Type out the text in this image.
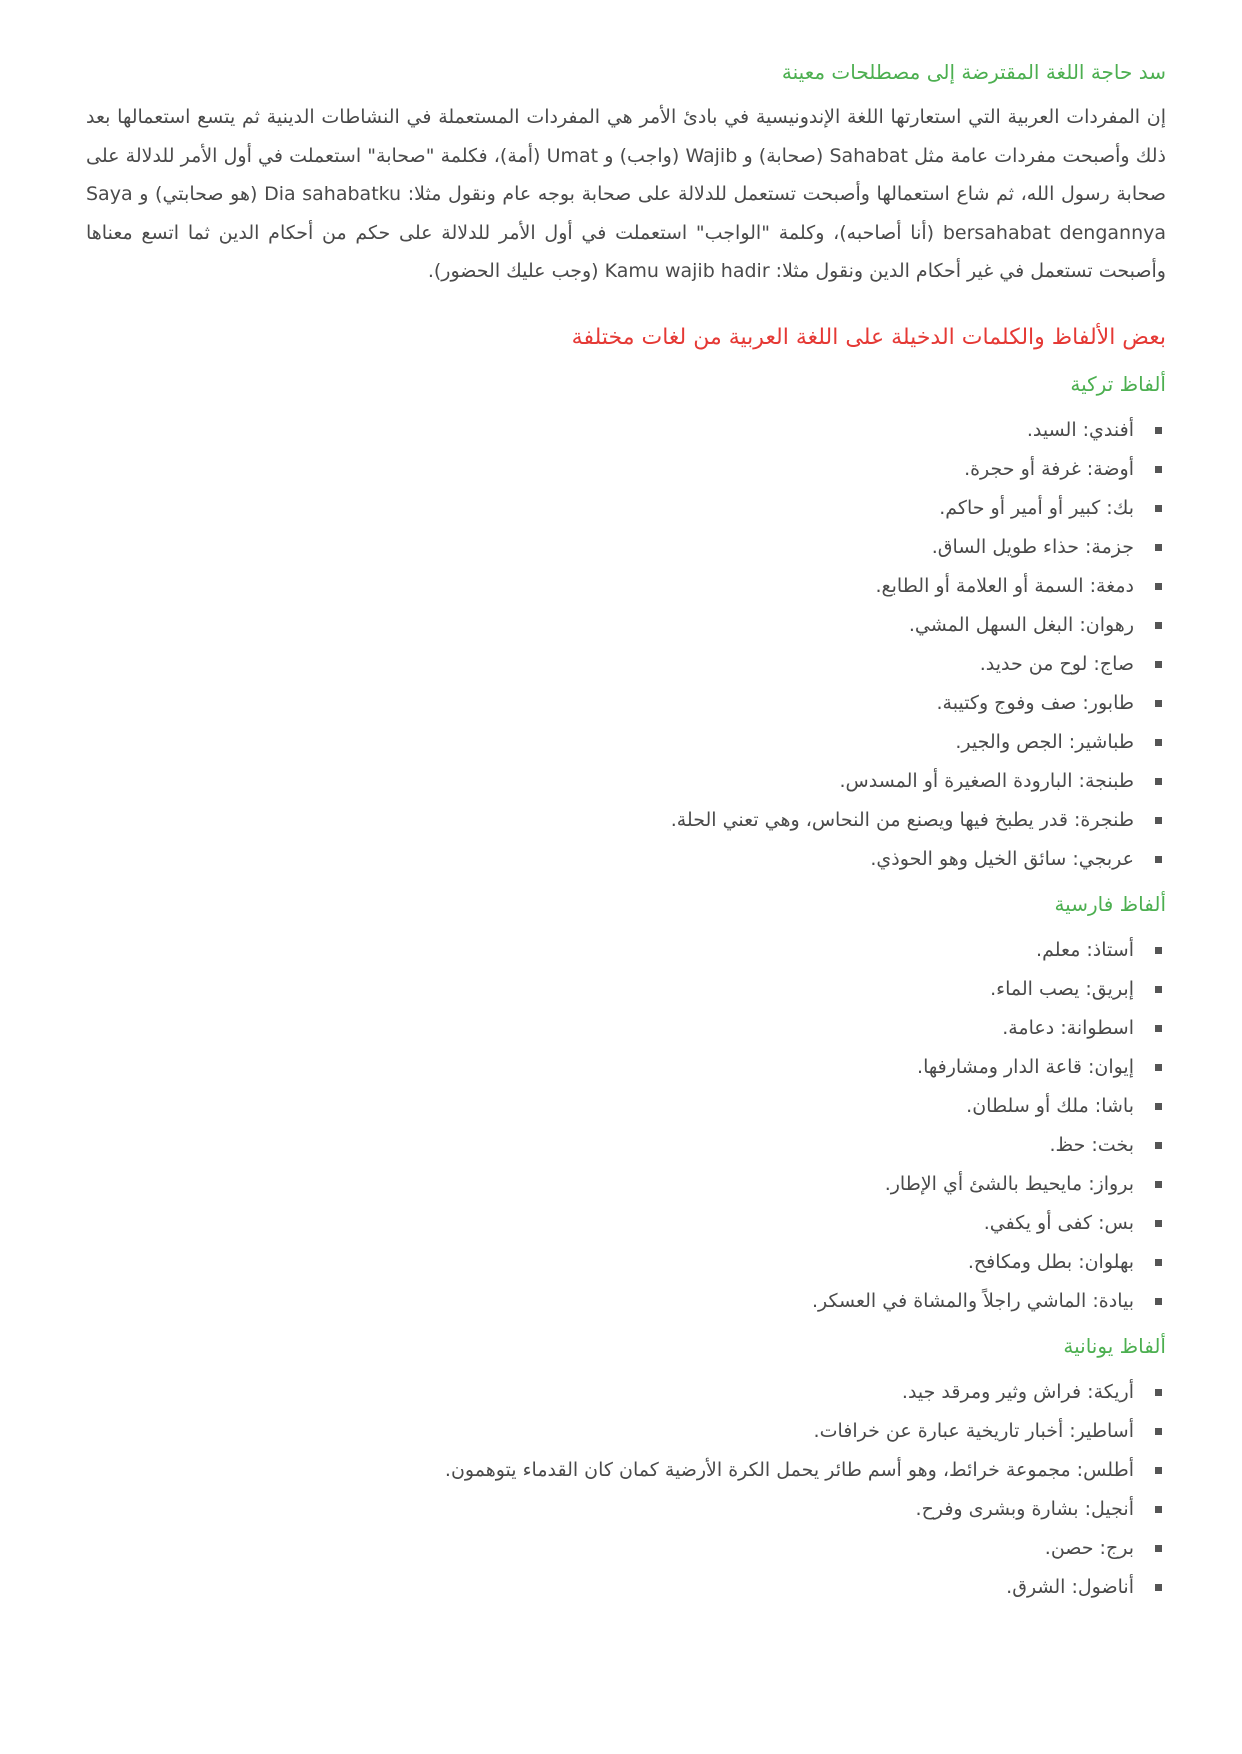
سد حاجة اللغة المقترضة إلى مصطلحات معينة

إن المفردات العربية التي استعارتها اللغة الإندونيسية في بادئ الأمر هي المفردات المستعملة في النشاطات الدينية ثم يتسع استعمالها بعد ذلك وأصبحت مفردات عامة مثل Sahabat (صحابة) و Wajib (واجب) و Umat (أمة)، فكلمة "صحابة" استعملت في أول الأمر للدلالة على صحابة رسول الله، ثم شاع استعمالها وأصبحت تستعمل للدلالة على صحابة بوجه عام ونقول مثلا: Dia sahabatku (هو صحابتي) و Saya bersahabat dengannya (أنا أصاحبه)، وكلمة "الواجب" استعملت في أول الأمر للدلالة على حكم من أحكام الدين ثما اتسع معناها وأصبحت تستعمل في غير أحكام الدين ونقول مثلا: Kamu wajib hadir (وجب عليك الحضور).

بعض الألفاظ والكلمات الدخيلة على اللغة العربية من لغات مختلفة
ألفاظ تركية
أفندي: السيد.
أوضة: غرفة أو حجرة.
بك: كبير أو أمير أو حاكم.
جزمة: حذاء طويل الساق.
دمغة: السمة أو العلامة أو الطابع.
رهوان: البغل السهل المشي.
صاج: لوح من حديد.
طابور: صف وفوج وكتيبة.
طباشير: الجص والجير.
طبنجة: البارودة الصغيرة أو المسدس.
طنجرة: قدر يطبخ فيها ويصنع من النحاس، وهي تعني الحلة.
عربجي: سائق الخيل وهو الحوذي.
ألفاظ فارسية
أستاذ: معلم.
إبريق: يصب الماء.
اسطوانة: دعامة.
إيوان: قاعة الدار ومشارفها.
باشا: ملك أو سلطان.
بخت: حظ.
برواز: مايحيط بالشئ أي الإطار.
بس: كفى أو يكفي.
بهلوان: بطل ومكافح.
بيادة: الماشي راجلاً والمشاة في العسكر.
ألفاظ يونانية
أريكة: فراش وثير ومرقد جيد.
أساطير: أخبار تاريخية عبارة عن خرافات.
أطلس: مجموعة خرائط، وهو أسم طائر يحمل الكرة الأرضية كمان كان القدماء يتوهمون.
أنجيل: بشارة وبشرى وفرح.
برج: حصن.
أناضول: الشرق.
